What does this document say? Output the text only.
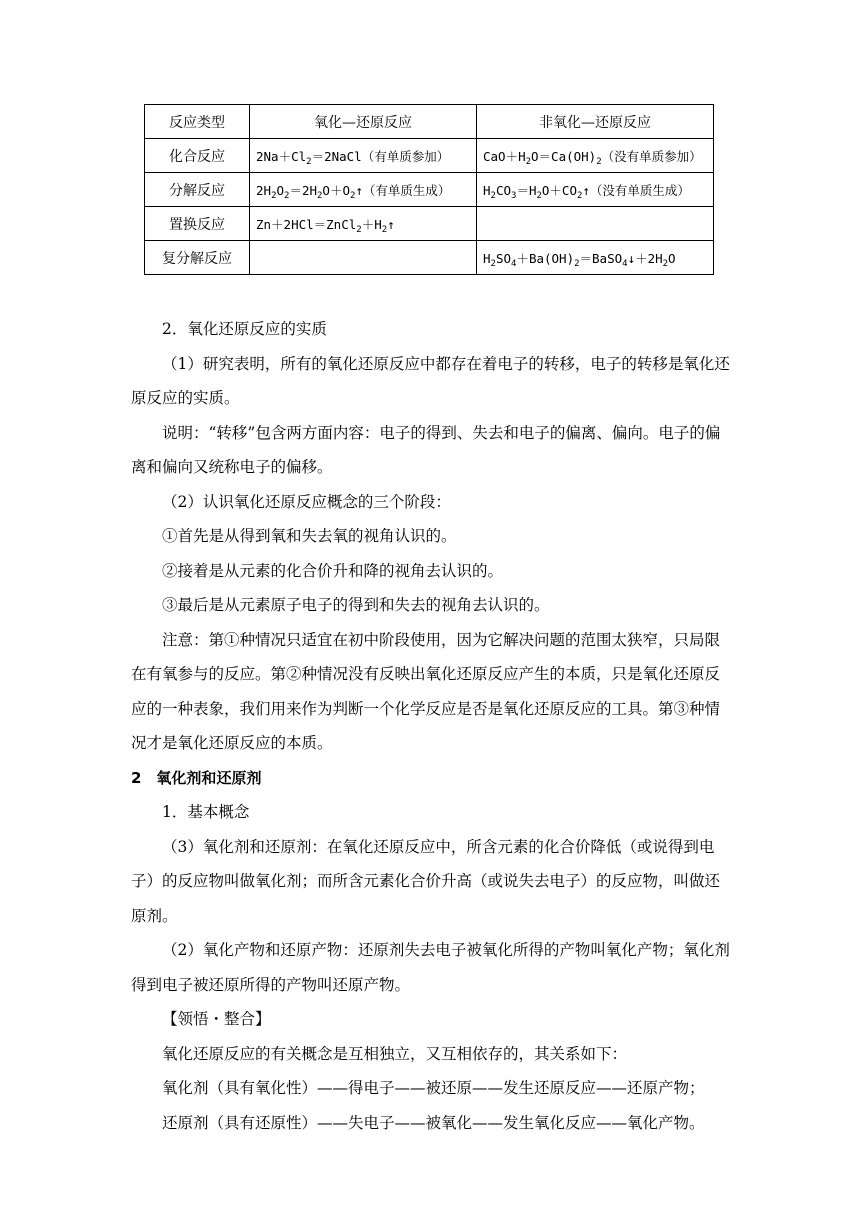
反应类型	氧化—还原反应	非氧化—还原反应
化合反应	$2Na+Cl_2=2NaCl$（有单质参加）	$CaO+H_2O=Ca(OH)_2$（没有单质参加）
分解反应	$2H_2O_2=2H_2O+O_2↑$（有单质生成）	$H_2CO_3=H_2O+CO_2↑$（没有单质生成）
置换反应	$Zn+2HCl=ZnCl_2+H_2↑$	
复分解反应		$H_2SO_4+Ba(OH)_2=BaSO_4↓+2H_2O$

2．氧化还原反应的实质

（1）研究表明，所有的氧化还原反应中都存在着电子的转移，电子的转移是氧化还原反应的实质。

说明：“转移”包含两方面内容：电子的得到、失去和电子的偏离、偏向。电子的偏离和偏向又统称电子的偏移。

（2）认识氧化还原反应概念的三个阶段：

①首先是从得到氧和失去氧的视角认识的。

②接着是从元素的化合价升和降的视角去认识的。

③最后是从元素原子电子的得到和失去的视角去认识的。

注意：第①种情况只适宜在初中阶段使用，因为它解决问题的范围太狭窄，只局限在有氧参与的反应。第②种情况没有反映出氧化还原反应产生的本质，只是氧化还原反应的一种表象，我们用来作为判断一个化学反应是否是氧化还原反应的工具。第③种情况才是氧化还原反应的本质。

2　氧化剂和还原剂

1．基本概念

（3）氧化剂和还原剂：在氧化还原反应中，所含元素的化合价降低（或说得到电子）的反应物叫做氧化剂；而所含元素化合价升高（或说失去电子）的反应物，叫做还原剂。

（2）氧化产物和还原产物：还原剂失去电子被氧化所得的产物叫氧化产物；氧化剂得到电子被还原所得的产物叫还原产物。

【领悟・整合】

氧化还原反应的有关概念是互相独立，又互相依存的，其关系如下：

氧化剂（具有氧化性）——得电子——被还原——发生还原反应——还原产物；

还原剂（具有还原性）——失电子——被氧化——发生氧化反应——氧化产物。
